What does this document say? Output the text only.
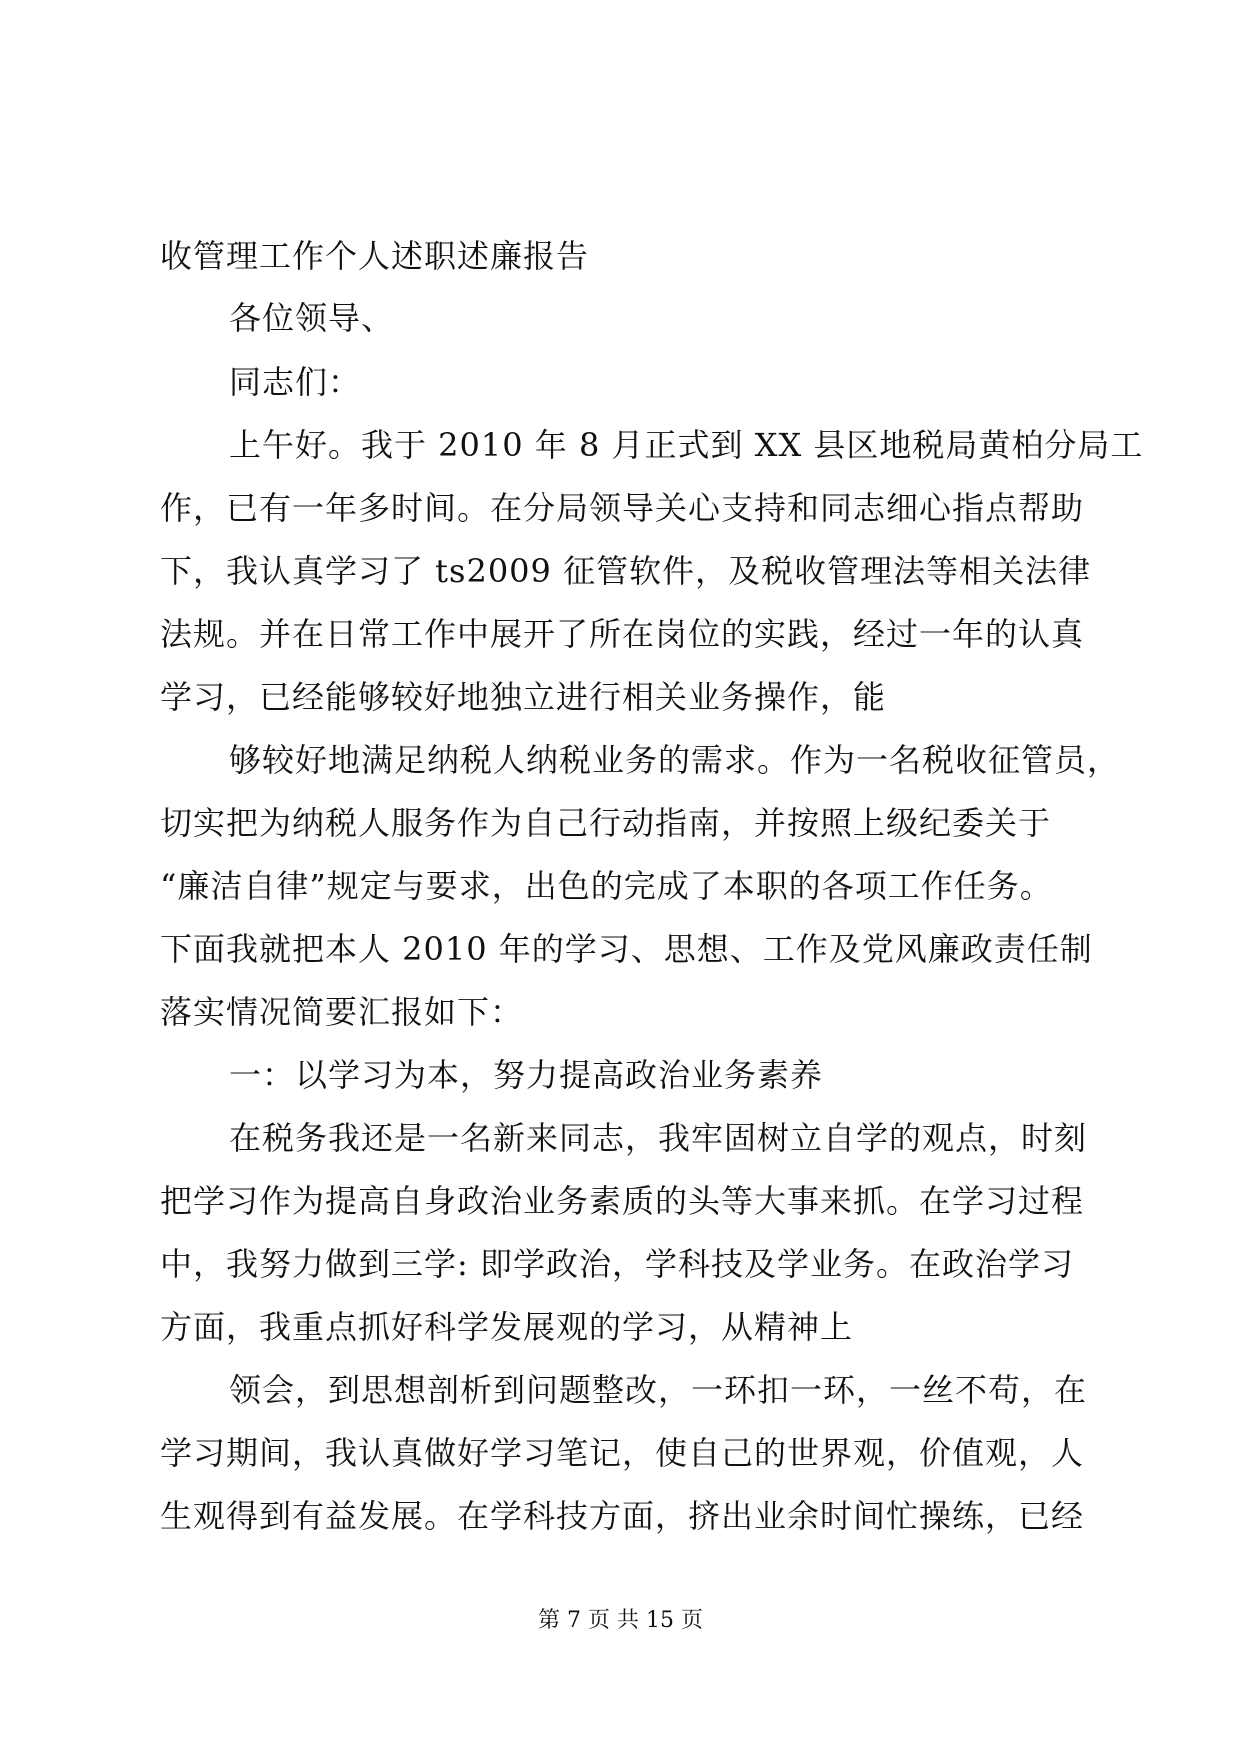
收管理工作个人述职述廉报告
各位领导、
同志们：
上午好。我于 2010 年 8 月正式到 XX 县区地税局黄柏分局工
作，已有一年多时间。在分局领导关心支持和同志细心指点帮助
下，我认真学习了 ts2009 征管软件，及税收管理法等相关法律
法规。并在日常工作中展开了所在岗位的实践，经过一年的认真
学习，已经能够较好地独立进行相关业务操作，能
够较好地满足纳税人纳税业务的需求。作为一名税收征管员，
切实把为纳税人服务作为自己行动指南，并按照上级纪委关于
“廉洁自律”规定与要求，出色的完成了本职的各项工作任务。
下面我就把本人 2010 年的学习、思想、工作及党风廉政责任制
落实情况简要汇报如下：
一：以学习为本，努力提高政治业务素养
在税务我还是一名新来同志，我牢固树立自学的观点，时刻
把学习作为提高自身政治业务素质的头等大事来抓。在学习过程
中，我努力做到三学: 即学政治，学科技及学业务。在政治学习
方面，我重点抓好科学发展观的学习，从精神上
领会，到思想剖析到问题整改，一环扣一环，一丝不苟，在
学习期间，我认真做好学习笔记，使自己的世界观，价值观，人
生观得到有益发展。在学科技方面，挤出业余时间忙操练，已经
第 7 页 共 15 页
